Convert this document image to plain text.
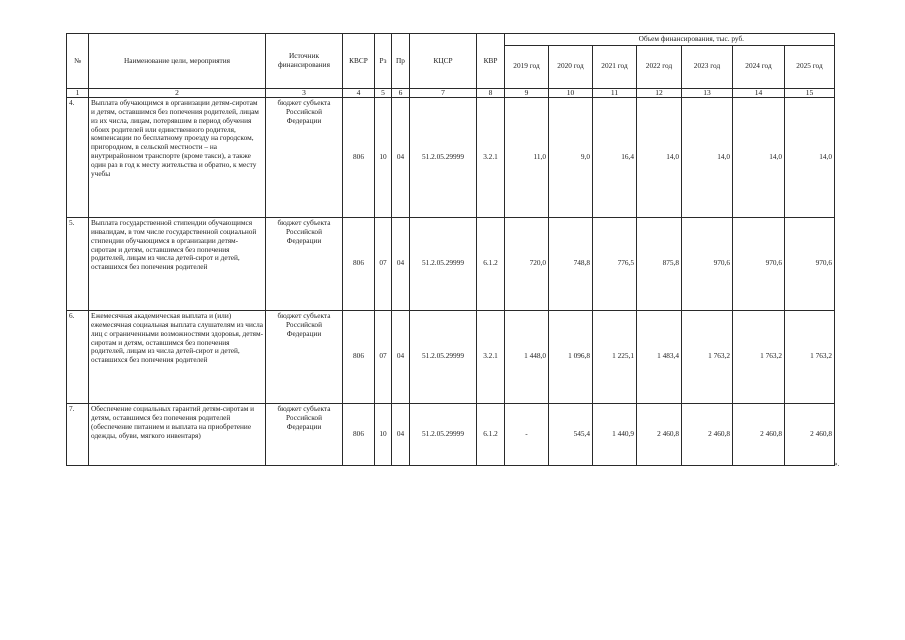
№	Наименование цели, мероприятия	Источник финансирования	КВСР	Рз	Пр	КЦСР	КВР	Объем финансирования, тыс. руб.						
								2019 год	2020 год	2021 год	2022 год	2023 год	2024 год	2025 год
1	2	3	4	5	6	7	8	9	10	11	12	13	14	15
4.	Выплата обучающимся в организации детям-сиротам и детям, оставшимся без попечения родителей, лицам из их числа, лицам, потерявшим в период обучения обоих родителей или единственного родителя, компенсации по бесплатному проезду на городском, пригородном, в сельской местности – на внутрирайонном транспорте (кроме такси), а также один раз в год к месту жительства и обратно, к месту учебы	бюджет субъекта Российской Федерации	806	10	04	51.2.05.29999	3.2.1	11,0	9,0	16,4	14,0	14,0	14,0	14,0
5.	Выплата государственной стипендии обучающимся инвалидам, в том числе государственной социальной стипендии обучающимся в организации детям-сиротам и детям, оставшимся без попечения родителей, лицам из числа детей-сирот и детей, оставшихся без попечения родителей	бюджет субъекта Российской Федерации	806	07	04	51.2.05.29999	6.1.2	720,0	748,8	776,5	875,8	970,6	970,6	970,6
6.	Ежемесячная академическая выплата и (или) ежемесячная социальная выплата слушателям из числа лиц с ограниченными возможностями здоровья, детям-сиротам и детям, оставшимся без попечения родителей, лицам из числа детей-сирот и детей, оставшихся без попечения родителей	бюджет субъекта Российской Федерации	806	07	04	51.2.05.29999	3.2.1	1 448,0	1 096,8	1 225,1	1 483,4	1 763,2	1 763,2	1 763,2
7.	Обеспечение социальных гарантий детям-сиротам и детям, оставшимся без попечения родителей (обеспечение питанием и выплата на приобретение одежды, обуви, мягкого инвентаря)	бюджет субъекта Российской Федерации	806	10	04	51.2.05.29999	6.1.2	-	545,4	1 440,9	2 460,8	2 460,8	2 460,8	2 460,8
».
